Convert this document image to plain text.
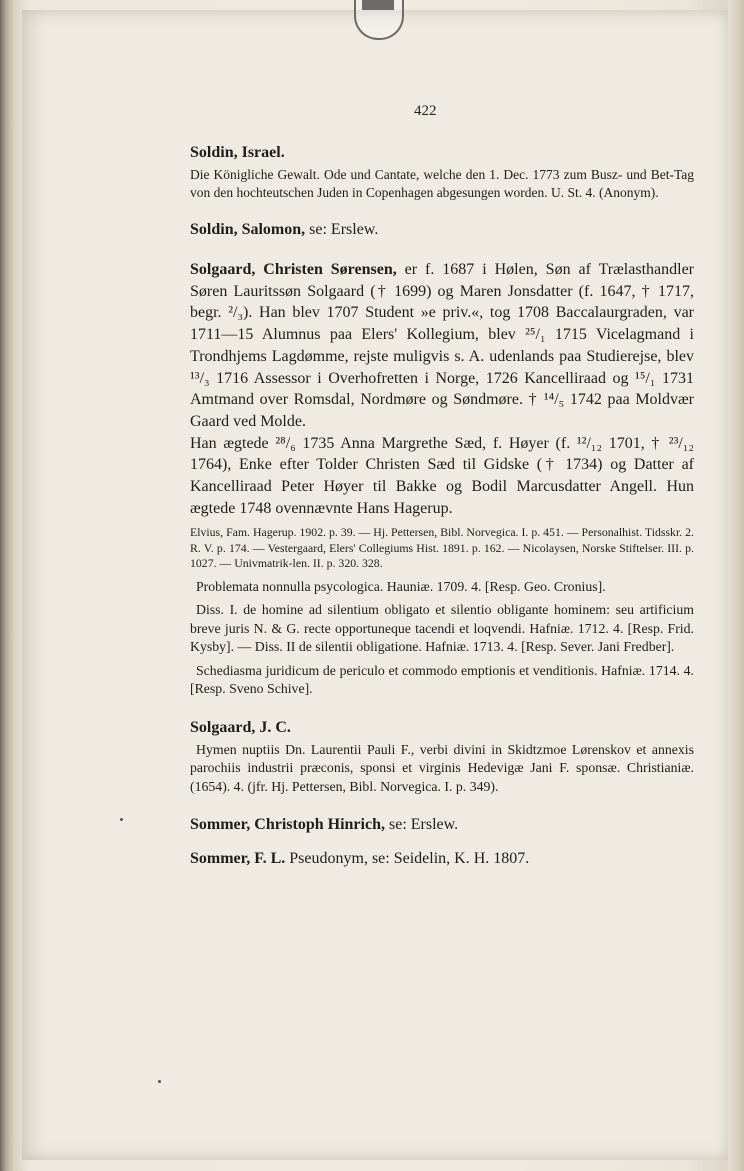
422
Soldin, Israel.

Die Königliche Gewalt. Ode und Cantate, welche den 1. Dec. 1773 zum Busz- und Bet-Tag von den hochteutschen Juden in Copenhagen abgesungen worden. U. St. 4. (Anonym).

Soldin, Salomon, se: Erslew.

Solgaard, Christen Sørensen, er f. 1687 i Hølen, Søn af Trælasthandler Søren Lauritssøn Solgaard († 1699) og Maren Jonsdatter (f. 1647, † 1717, begr. ²/₃). Han blev 1707 Student »e priv.«, tog 1708 Baccalaurgraden, var 1711—15 Alumnus paa Elers' Kollegium, blev ²⁵/₁ 1715 Vicelagmand i Trondhjems Lagdømme, rejste muligvis s. A. udenlands paa Studierejse, blev ¹³/₃ 1716 Assessor i Overhofretten i Norge, 1726 Kancelliraad og ¹⁵/₁ 1731 Amtmand over Romsdal, Nordmøre og Søndmøre. † ¹⁴/₅ 1742 paa Moldvær Gaard ved Molde.

Han ægtede ²⁸/₆ 1735 Anna Margrethe Sæd, f. Høyer (f. ¹²/₁₂ 1701, † ²³/₁₂ 1764), Enke efter Tolder Christen Sæd til Gidske († 1734) og Datter af Kancelliraad Peter Høyer til Bakke og Bodil Marcusdatter Angell. Hun ægtede 1748 ovennævnte Hans Hagerup.

Elvius, Fam. Hagerup. 1902. p. 39. — Hj. Pettersen, Bibl. Norvegica. I. p. 451. — Personalhist. Tidsskr. 2. R. V. p. 174. — Vestergaard, Elers' Collegiums Hist. 1891. p. 162. — Nicolaysen, Norske Stiftelser. III. p. 1027. — Univmatrik-len. II. p. 320. 328.

Problemata nonnulla psycologica. Hauniæ. 1709. 4. [Resp. Geo. Cronius].

Diss. I. de homine ad silentium obligato et silentio obligante hominem: seu artificium breve juris N. & G. recte opportuneque tacendi et loqvendi. Hafniæ. 1712. 4. [Resp. Frid. Kysby]. — Diss. II de silentii obligatione. Hafniæ. 1713. 4. [Resp. Sever. Jani Fredber].

Schediasma juridicum de periculo et commodo emptionis et venditionis. Hafniæ. 1714. 4. [Resp. Sveno Schive].

Solgaard, J. C.

Hymen nuptiis Dn. Laurentii Pauli F., verbi divini in Skidtzmoe Lørenskov et annexis parochiis industrii præconis, sponsi et virginis Hedevigæ Jani F. sponsæ. Christianiæ. (1654). 4. (jfr. Hj. Pettersen, Bibl. Norvegica. I. p. 349).

Sommer, Christoph Hinrich, se: Erslew.

Sommer, F. L. Pseudonym, se: Seidelin, K. H. 1807.
